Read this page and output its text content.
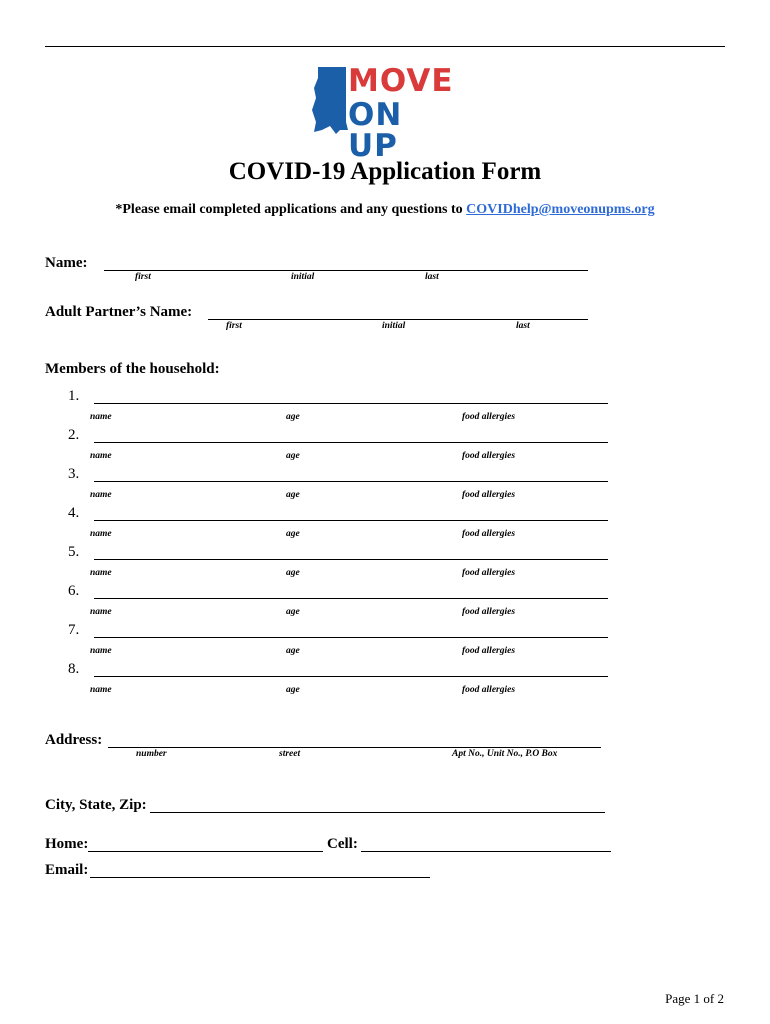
MOVE
ON UP
COVID-19 Application Form
*Please email completed applications and any questions to COVIDhelp@moveonupms.org
Name:
first	initial	last
Adult Partner’s Name:
first	initial	last
Members of the household:
1.
name	age	food allergies
2.
name	age	food allergies
3.
name	age	food allergies
4.
name	age	food allergies
5.
name	age	food allergies
6.
name	age	food allergies
7.
name	age	food allergies
8.
name	age	food allergies
Address:
number	street	Apt No., Unit No., P.O Box
City, State, Zip:
Home:	Cell:
Email:
Page 1 of 2
